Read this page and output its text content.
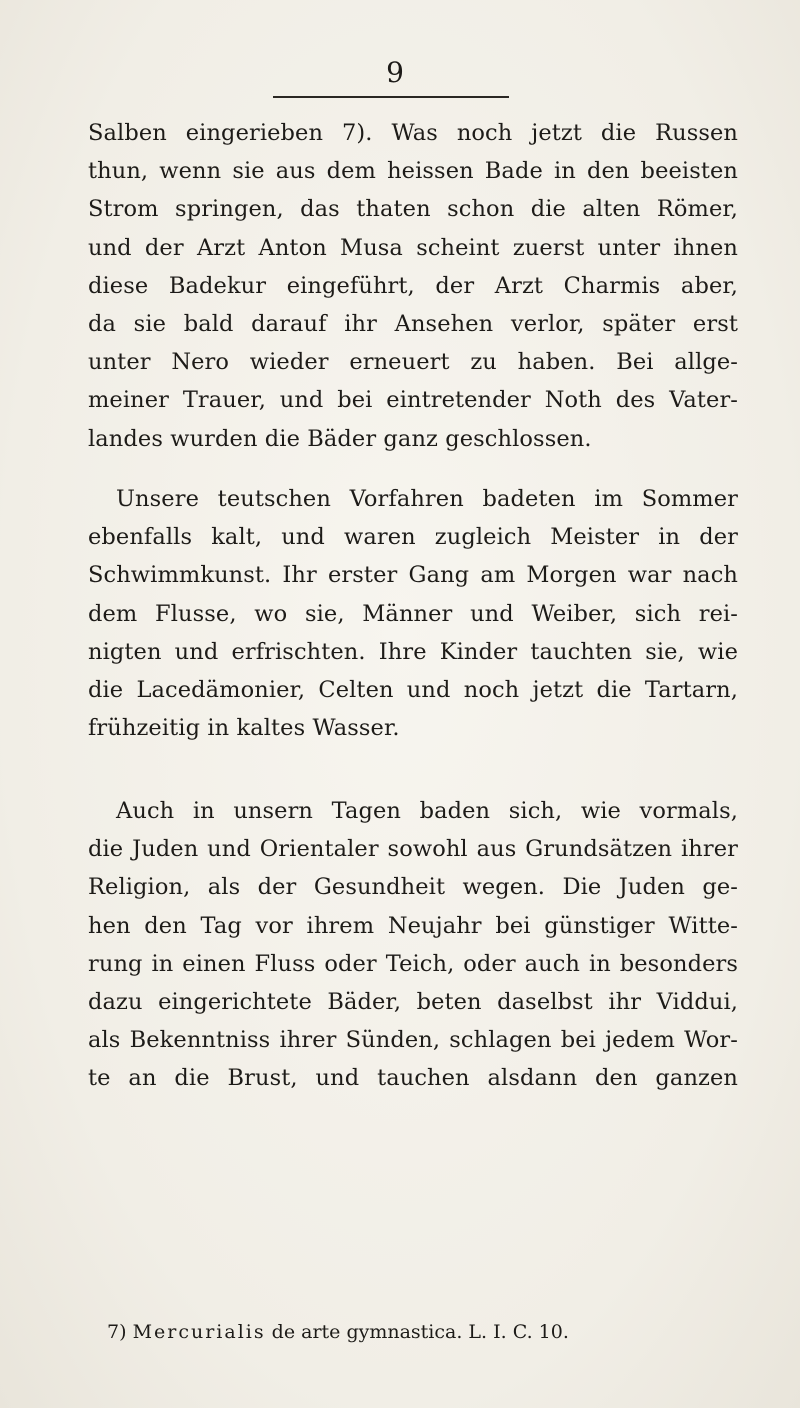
9
Salben eingerieben 7). Was noch jetzt die Russen
thun, wenn sie aus dem heissen Bade in den beeisten
Strom springen, das thaten schon die alten Römer,
und der Arzt Anton Musa scheint zuerst unter ihnen
diese Badekur eingeführt, der Arzt Charmis aber,
da sie bald darauf ihr Ansehen verlor, später erst
unter Nero wieder erneuert zu haben. Bei allge-
meiner Trauer, und bei eintretender Noth des Vater-
landes wurden die Bäder ganz geschlossen.
Unsere teutschen Vorfahren badeten im Sommer
ebenfalls kalt, und waren zugleich Meister in der
Schwimmkunst. Ihr erster Gang am Morgen war nach
dem Flusse, wo sie, Männer und Weiber, sich rei-
nigten und erfrischten. Ihre Kinder tauchten sie, wie
die Lacedämonier, Celten und noch jetzt die Tartarn,
frühzeitig in kaltes Wasser.
Auch in unsern Tagen baden sich, wie vormals,
die Juden und Orientaler sowohl aus Grundsätzen ihrer
Religion, als der Gesundheit wegen. Die Juden ge-
hen den Tag vor ihrem Neujahr bei günstiger Witte-
rung in einen Fluss oder Teich, oder auch in besonders
dazu eingerichtete Bäder, beten daselbst ihr Viddui,
als Bekenntniss ihrer Sünden, schlagen bei jedem Wor-
te an die Brust, und tauchen alsdann den ganzen
7) Mercurialis de arte gymnastica. L. I. C. 10.
